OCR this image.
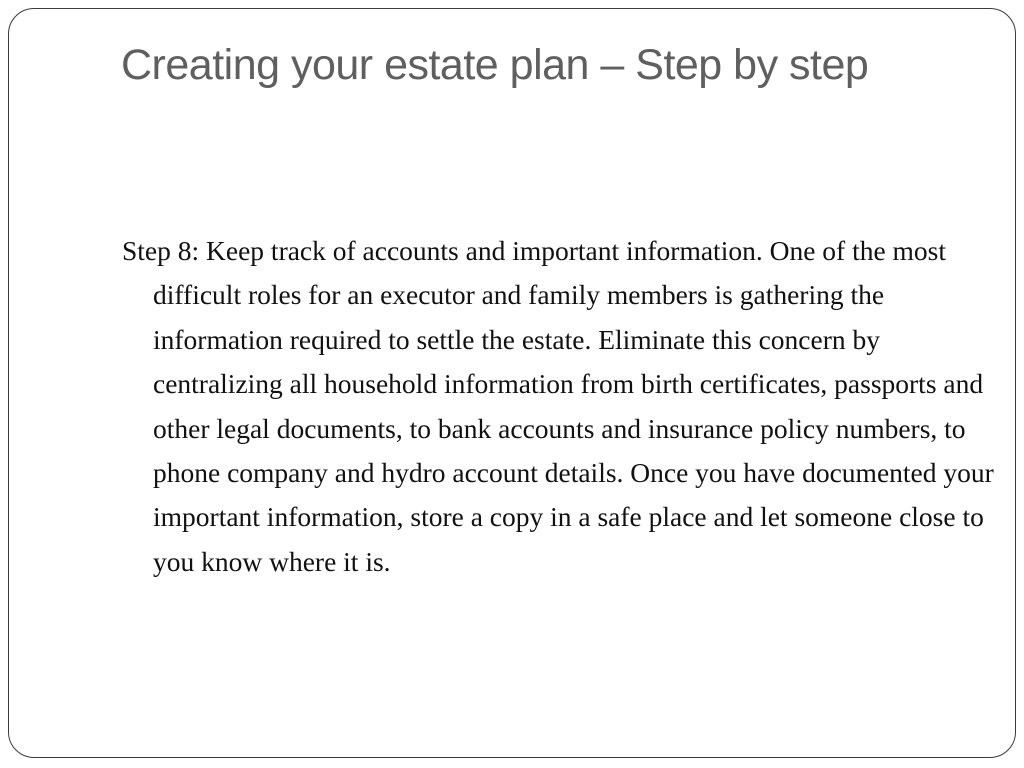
Creating your estate plan – Step by step

Step 8: Keep track of accounts and important information. One of the most difficult roles for an executor and family members is gathering the information required to settle the estate. Eliminate this concern by centralizing all household information from birth certificates, passports and other legal documents, to bank accounts and insurance policy numbers, to phone company and hydro account details. Once you have documented your important information, store a copy in a safe place and let someone close to you know where it is.
